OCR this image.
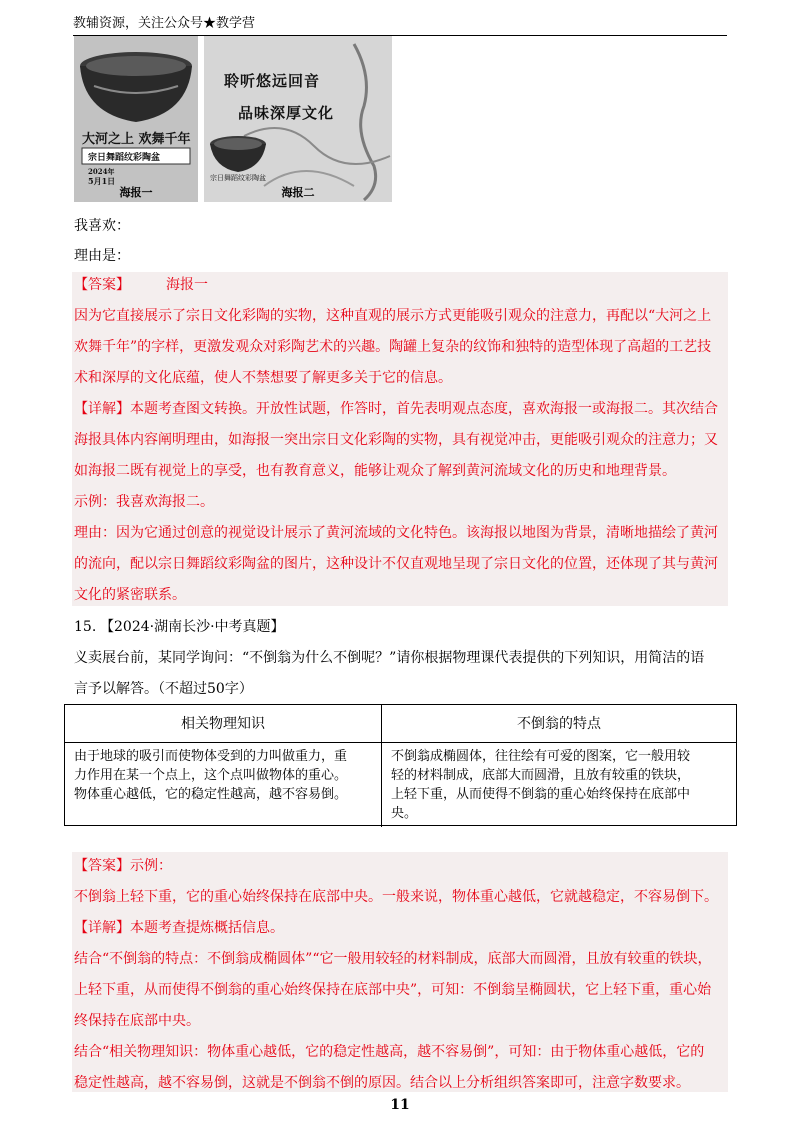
教辅资源，关注公众号★教学营
大河之上 欢舞千年
宗日舞蹈纹彩陶盆
2024年
5月1日
海报一
聆听悠远回音
品味深厚文化
宗日舞蹈纹彩陶盆
海报二
我喜欢：
理由是：
【答案】	海报一
因为它直接展示了宗日文化彩陶的实物，这种直观的展示方式更能吸引观众的注意力，再配以“大河之上
欢舞千年”的字样，更激发观众对彩陶艺术的兴趣。陶罐上复杂的纹饰和独特的造型体现了高超的工艺技
术和深厚的文化底蕴，使人不禁想要了解更多关于它的信息。
【详解】本题考查图文转换。开放性试题，作答时，首先表明观点态度，喜欢海报一或海报二。其次结合
海报具体内容阐明理由，如海报一突出宗日文化彩陶的实物，具有视觉冲击，更能吸引观众的注意力；又
如海报二既有视觉上的享受，也有教育意义，能够让观众了解到黄河流域文化的历史和地理背景。
示例：我喜欢海报二。
理由：因为它通过创意的视觉设计展示了黄河流域的文化特色。该海报以地图为背景，清晰地描绘了黄河
的流向，配以宗日舞蹈纹彩陶盆的图片，这种设计不仅直观地呈现了宗日文化的位置，还体现了其与黄河
文化的紧密联系。
15. 【2024·湖南长沙·中考真题】
义卖展台前，某同学询问：“不倒翁为什么不倒呢？”请你根据物理课代表提供的下列知识，用简洁的语
言予以解答。（不超过50字）
相关物理知识	不倒翁的特点
由于地球的吸引而使物体受到的力叫做重力，重
力作用在某一个点上，这个点叫做物体的重心。
物体重心越低，它的稳定性越高，越不容易倒。
不倒翁成椭圆体，往往绘有可爱的图案，它一般用较
轻的材料制成，底部大而圆滑，且放有较重的铁块，
上轻下重，从而使得不倒翁的重心始终保持在底部中
央。
【答案】示例：
不倒翁上轻下重，它的重心始终保持在底部中央。一般来说，物体重心越低，它就越稳定，不容易倒下。
【详解】本题考查提炼概括信息。
结合“不倒翁的特点：不倒翁成椭圆体”“它一般用较轻的材料制成，底部大而圆滑，且放有较重的铁块，
上轻下重，从而使得不倒翁的重心始终保持在底部中央”，可知：不倒翁呈椭圆状，它上轻下重，重心始
终保持在底部中央。
结合“相关物理知识：物体重心越低，它的稳定性越高，越不容易倒”，可知：由于物体重心越低，它的
稳定性越高，越不容易倒，这就是不倒翁不倒的原因。结合以上分析组织答案即可，注意字数要求。
11
